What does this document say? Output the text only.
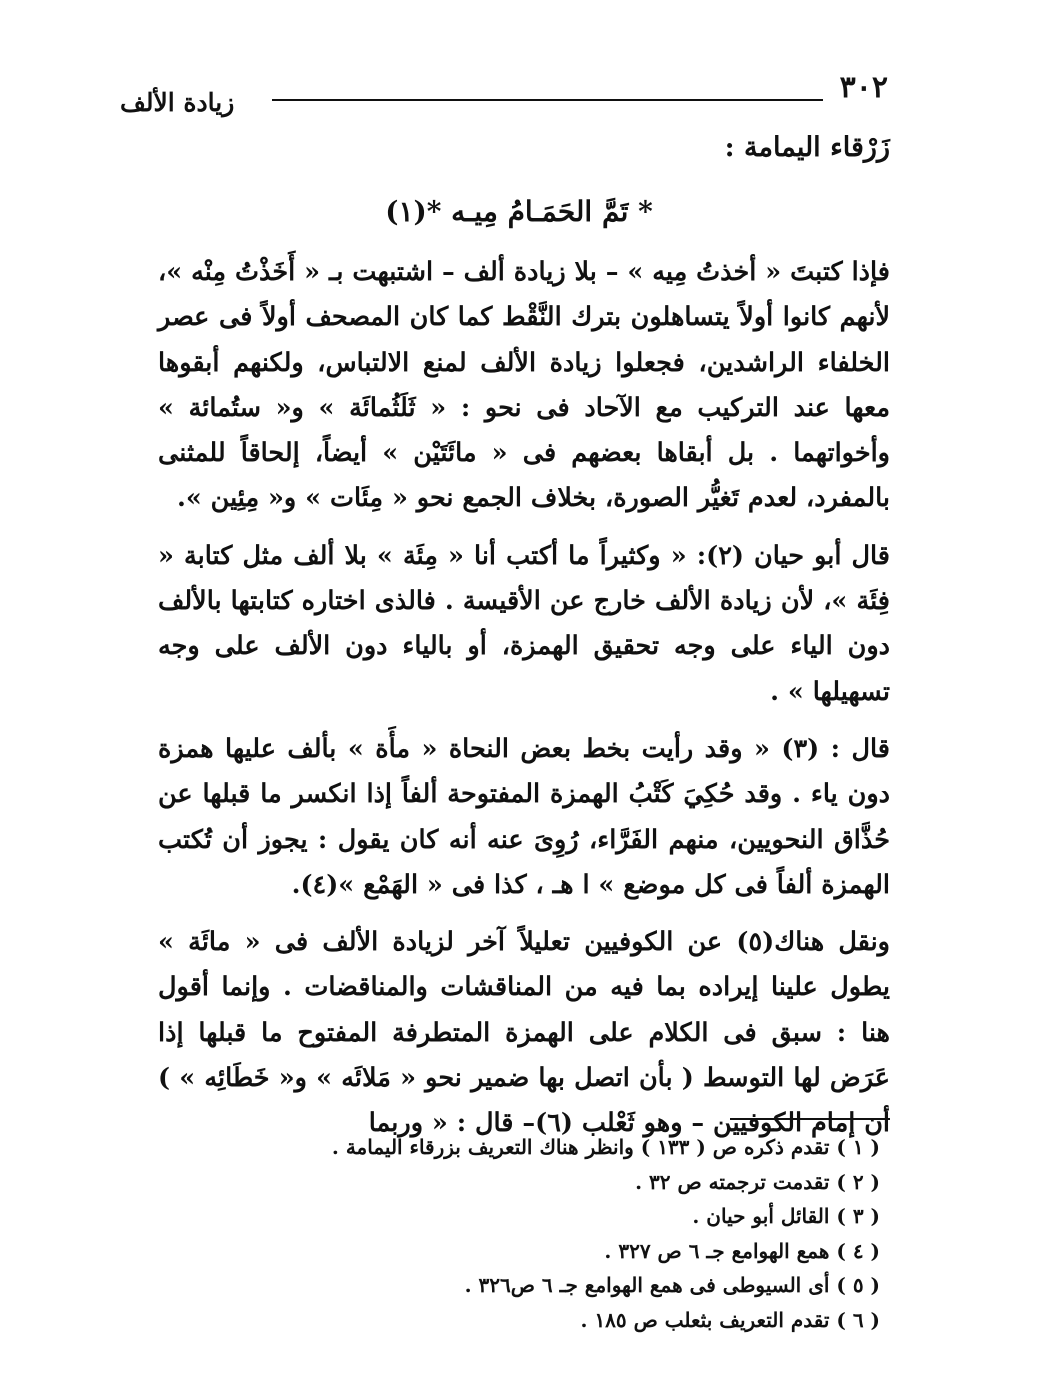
٣٠٢
زيادة الألف
زَرْقاء اليمامة :
* تَمَّ الحَمَـامُ مِيـه *(١)

فإذا كتبتَ « أخذتُ مِيه » – بلا زيادة ألف – اشتبهت بـ « أَخَذْتُ مِنْه »، لأنهم كانوا أولاً يتساهلون بترك النَّقْط كما كان المصحف أولاً فى عصر الخلفاء الراشدين، فجعلوا زيادة الألف لمنع الالتباس، ولكنهم أبقوها معها عند التركيب مع الآحاد فى نحو : « ثَلَثُمائَة » و« ستُمائة » وأخواتهما . بل أبقاها بعضهم فى « مائَتَيْن » أيضاً، إلحاقاً للمثنى بالمفرد، لعدم تَغيُّر الصورة، بخلاف الجمع نحو « مِئَات » و« مِئِين ».

قال أبو حيان (٢): « وكثيراً ما أكتب أنا « مِئَة » بلا ألف مثل كتابة « فِئَة »، لأن زيادة الألف خارج عن الأقيسة . فالذى اختاره كتابتها بالألف دون الياء على وجه تحقيق الهمزة، أو بالياء دون الألف على وجه تسهيلها » .

قال : (٣) « وقد رأيت بخط بعض النحاة « مأَة » بألف عليها همزة دون ياء . وقد حُكِيَ كَتْبُ الهمزة المفتوحة ألفاً إذا انكسر ما قبلها عن حُذَّاق النحويين، منهم الفَرَّاء، رُوِىَ عنه أنه كان يقول : يجوز أن تُكتب الهمزة ألفاً فى كل موضع » ا هـ ، كذا فى « الهَمْع »(٤).

ونقل هناك(٥) عن الكوفيين تعليلاً آخر لزيادة الألف فى « مائَة » يطول علينا إيراده بما فيه من المناقشات والمناقضات . وإنما أقول هنا : سبق فى الكلام على الهمزة المتطرفة المفتوح ما قبلها إذا عَرَض لها التوسط ( بأن اتصل بها ضمير نحو « مَلائَه » و« خَطَائِه » ) أن إمام الكوفيين – وهو ثَعْلب (٦)– قال : « وربما

( ١ ) تقدم ذكره ص ( ١٣٣ ) وانظر هناك التعريف بزرقاء اليمامة .
( ٢ ) تقدمت ترجمته ص ٣٢ .
( ٣ ) القائل أبو حيان .
( ٤ ) همع الهوامع جـ ٦ ص ٣٢٧ .
( ٥ ) أى السيوطى فى همع الهوامع جـ ٦ ص٣٢٦ .
( ٦ ) تقدم التعريف بثعلب ص ١٨٥ .
